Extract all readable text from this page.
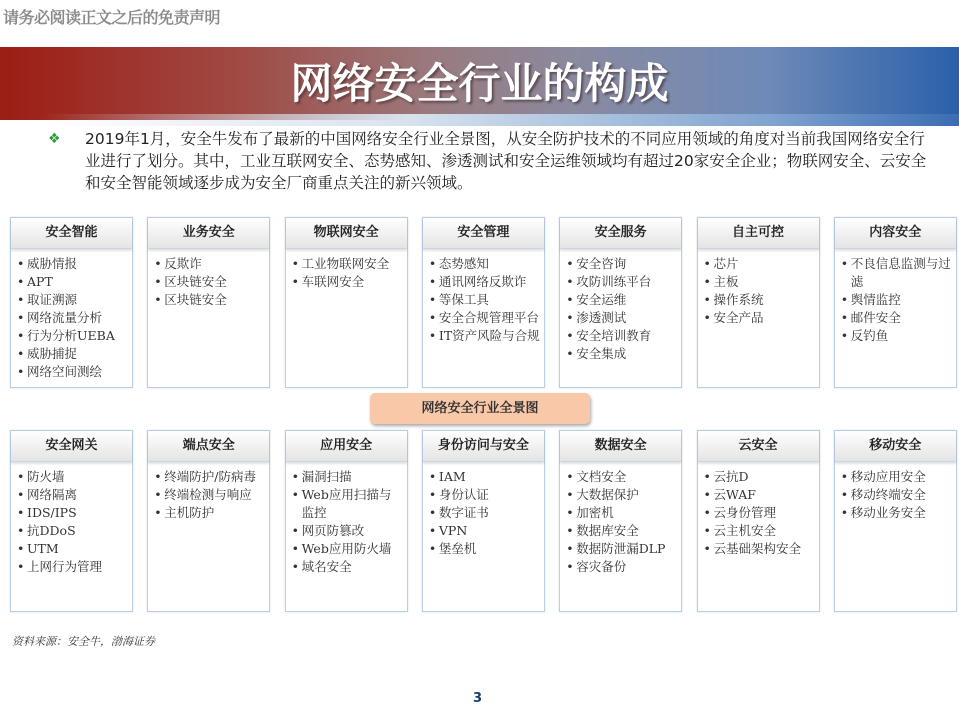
请务必阅读正文之后的免责声明
网络安全行业的构成
❖ 2019年1月，安全牛发布了最新的中国网络安全行业全景图，从安全防护技术的不同应用领域的角度对当前我国网络安全行业进行了划分。其中，工业互联网安全、态势感知、渗透测试和安全运维领域均有超过20家安全企业；物联网安全、云安全和安全智能领域逐步成为安全厂商重点关注的新兴领域。
安全智能
• 威胁情报
• APT
• 取证溯源
• 网络流量分析
• 行为分析UEBA
• 威胁捕捉
• 网络空间测绘
业务安全
• 反欺诈
• 区块链安全
• 区块链安全
物联网安全
• 工业物联网安全
• 车联网安全
安全管理
• 态势感知
• 通讯网络反欺诈
• 等保工具
• 安全合规管理平台
• IT资产风险与合规
安全服务
• 安全咨询
• 攻防训练平台
• 安全运维
• 渗透测试
• 安全培训教育
• 安全集成
自主可控
• 芯片
• 主板
• 操作系统
• 安全产品
内容安全
• 不良信息监测与过滤
• 舆情监控
• 邮件安全
• 反钓鱼
网络安全行业全景图
安全网关
• 防火墙
• 网络隔离
• IDS/IPS
• 抗DDoS
• UTM
• 上网行为管理
端点安全
• 终端防护/防病毒
• 终端检测与响应
• 主机防护
应用安全
• 漏洞扫描
• Web应用扫描与监控
• 网页防篡改
• Web应用防火墙
• 域名安全
身份访问与安全
• IAM
• 身份认证
• 数字证书
• VPN
• 堡垒机
数据安全
• 文档安全
• 大数据保护
• 加密机
• 数据库安全
• 数据防泄漏DLP
• 容灾备份
云安全
• 云抗D
• 云WAF
• 云身份管理
• 云主机安全
• 云基础架构安全
移动安全
• 移动应用安全
• 移动终端安全
• 移动业务安全
资料来源：安全牛，渤海证券
3
